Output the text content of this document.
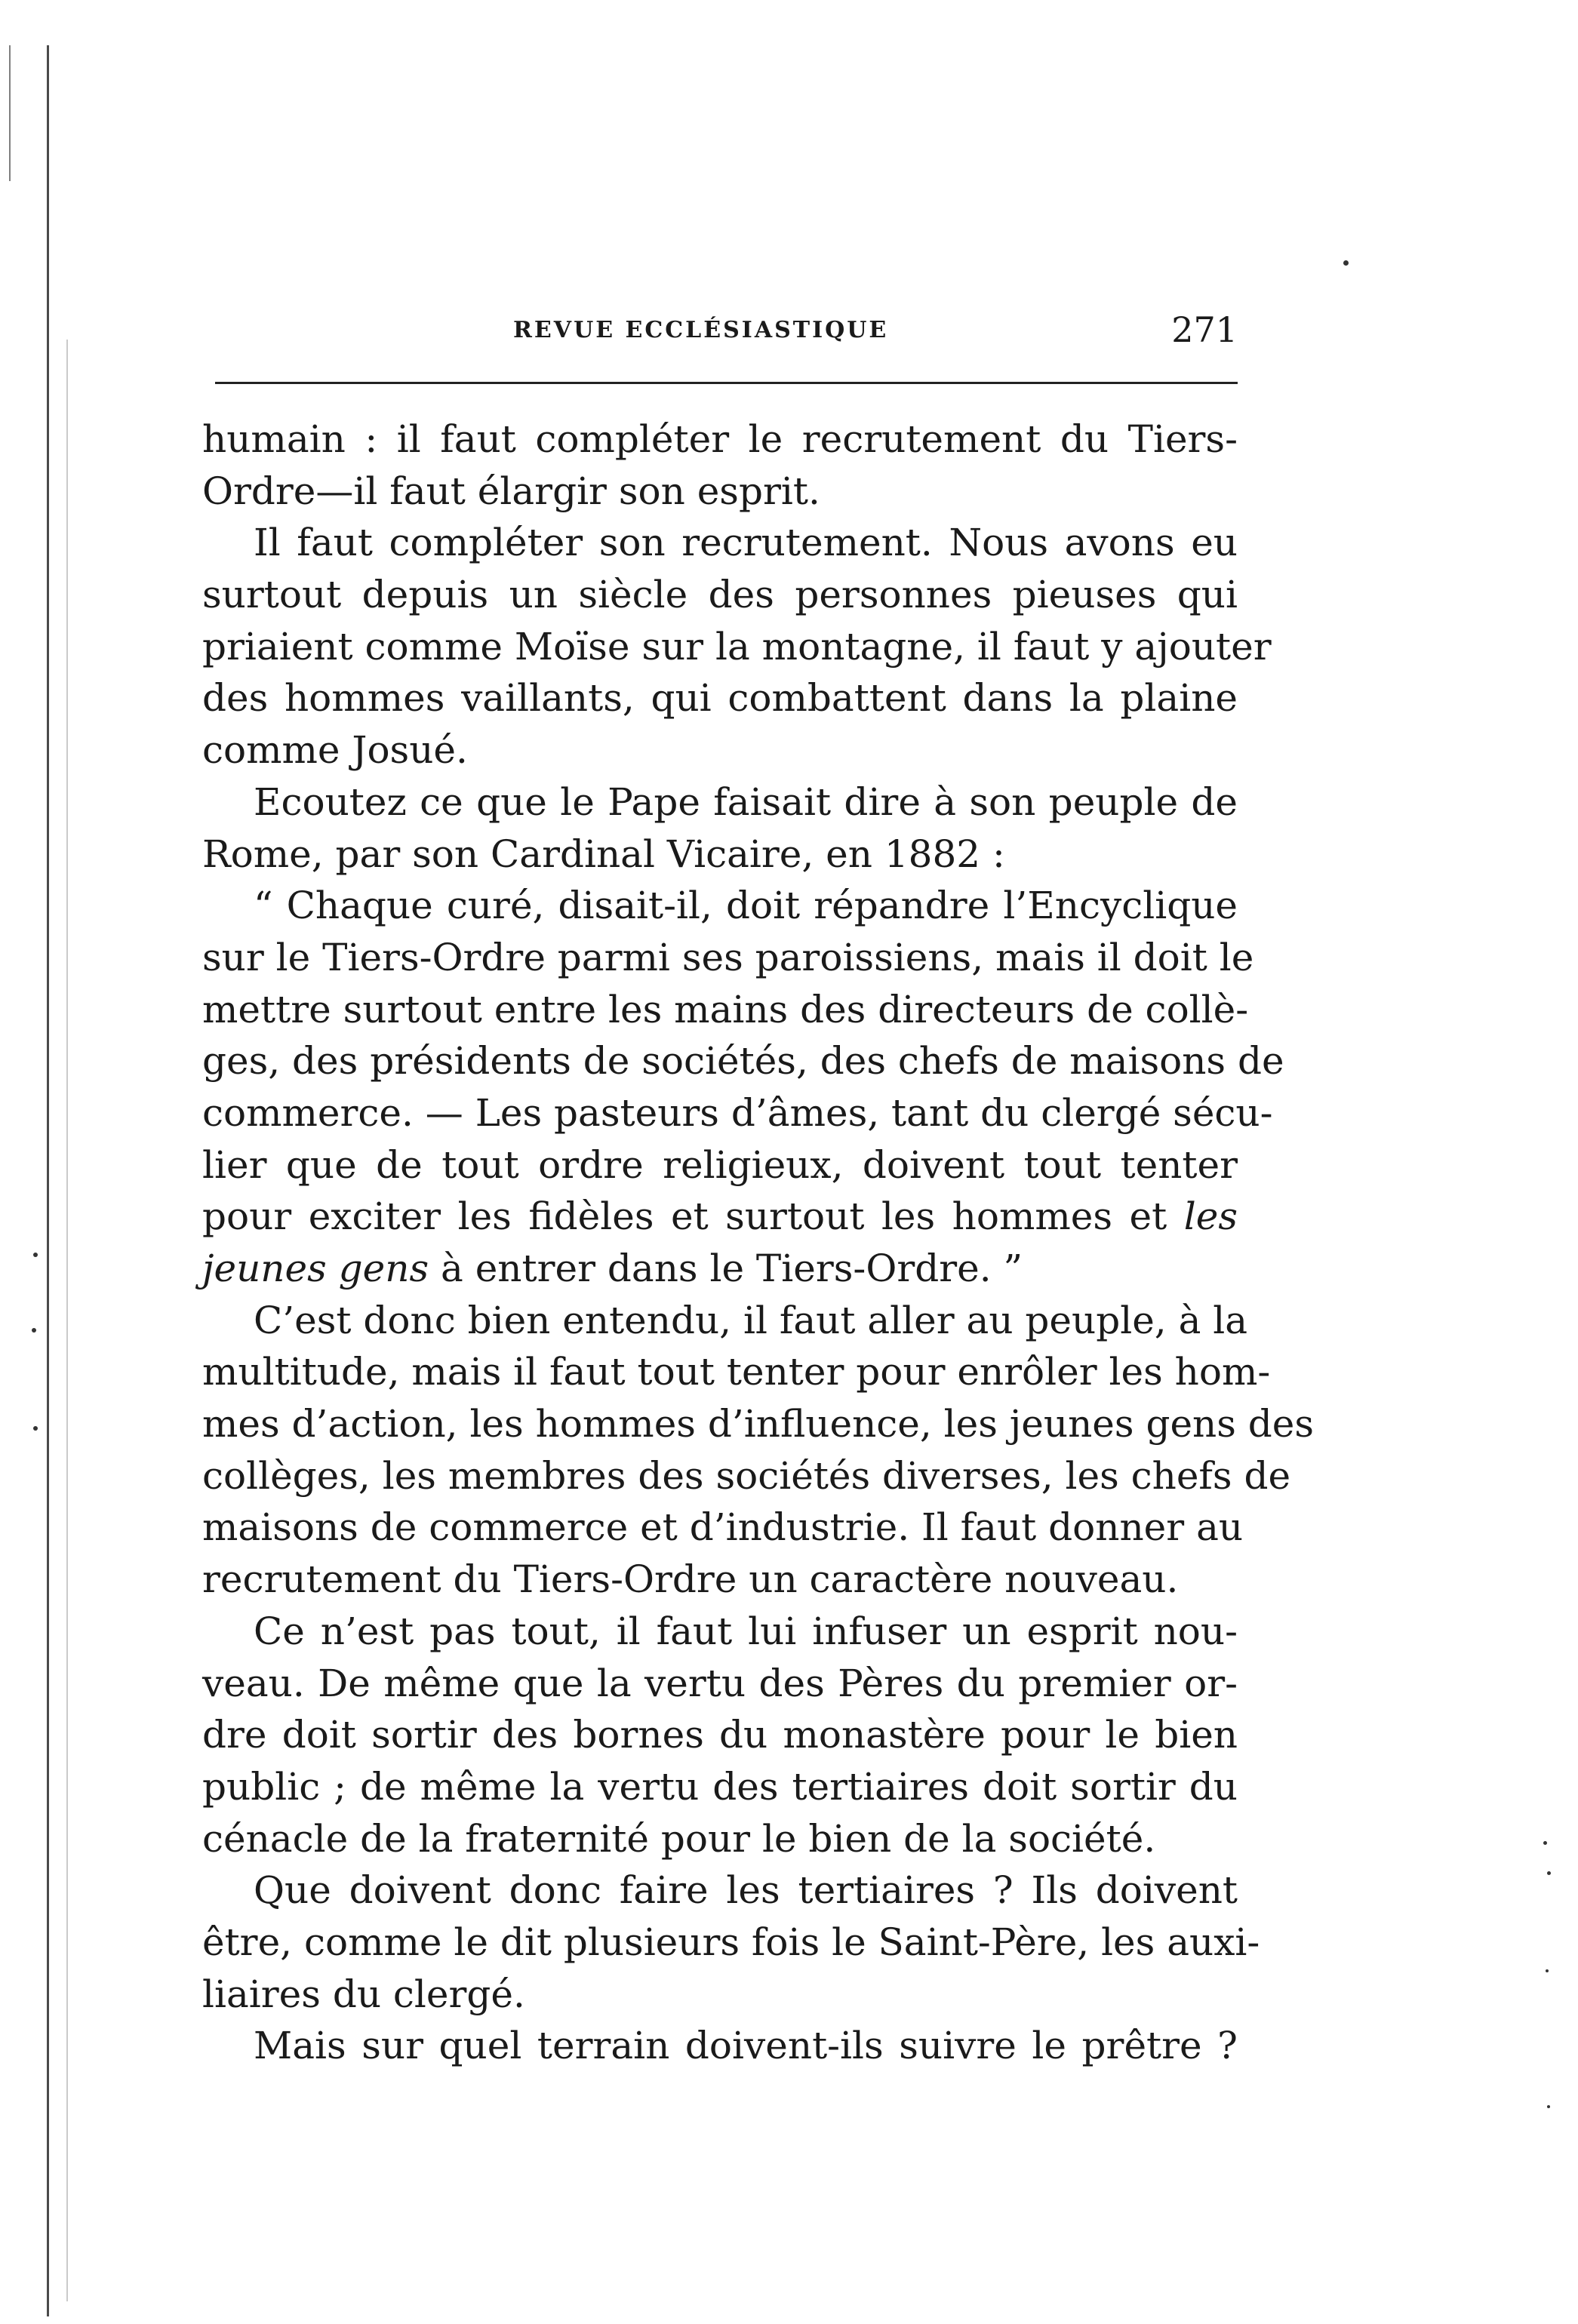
REVUE ECCLÉSIASTIQUE	271
humain : il faut compléter le recrutement du Tiers-
Ordre—il faut élargir son esprit.
Il faut compléter son recrutement. Nous avons eu
surtout depuis un siècle des personnes pieuses qui
priaient comme Moïse sur la montagne, il faut y ajouter
des hommes vaillants, qui combattent dans la plaine
comme Josué.
Ecoutez ce que le Pape faisait dire à son peuple de
Rome, par son Cardinal Vicaire, en 1882 :
“ Chaque curé, disait-il, doit répandre l’Encyclique
sur le Tiers-Ordre parmi ses paroissiens, mais il doit le
mettre surtout entre les mains des directeurs de collè-
ges, des présidents de sociétés, des chefs de maisons de
commerce. — Les pasteurs d’âmes, tant du clergé sécu-
lier que de tout ordre religieux, doivent tout tenter
pour exciter les fidèles et surtout les hommes et les
jeunes gens à entrer dans le Tiers-Ordre. ”
C’est donc bien entendu, il faut aller au peuple, à la
multitude, mais il faut tout tenter pour enrôler les hom-
mes d’action, les hommes d’influence, les jeunes gens des
collèges, les membres des sociétés diverses, les chefs de
maisons de commerce et d’industrie. Il faut donner au
recrutement du Tiers-Ordre un caractère nouveau.
Ce n’est pas tout, il faut lui infuser un esprit nou-
veau. De même que la vertu des Pères du premier or-
dre doit sortir des bornes du monastère pour le bien
public ; de même la vertu des tertiaires doit sortir du
cénacle de la fraternité pour le bien de la société.
Que doivent donc faire les tertiaires ? Ils doivent
être, comme le dit plusieurs fois le Saint-Père, les auxi-
liaires du clergé.
Mais sur quel terrain doivent-ils suivre le prêtre ?
